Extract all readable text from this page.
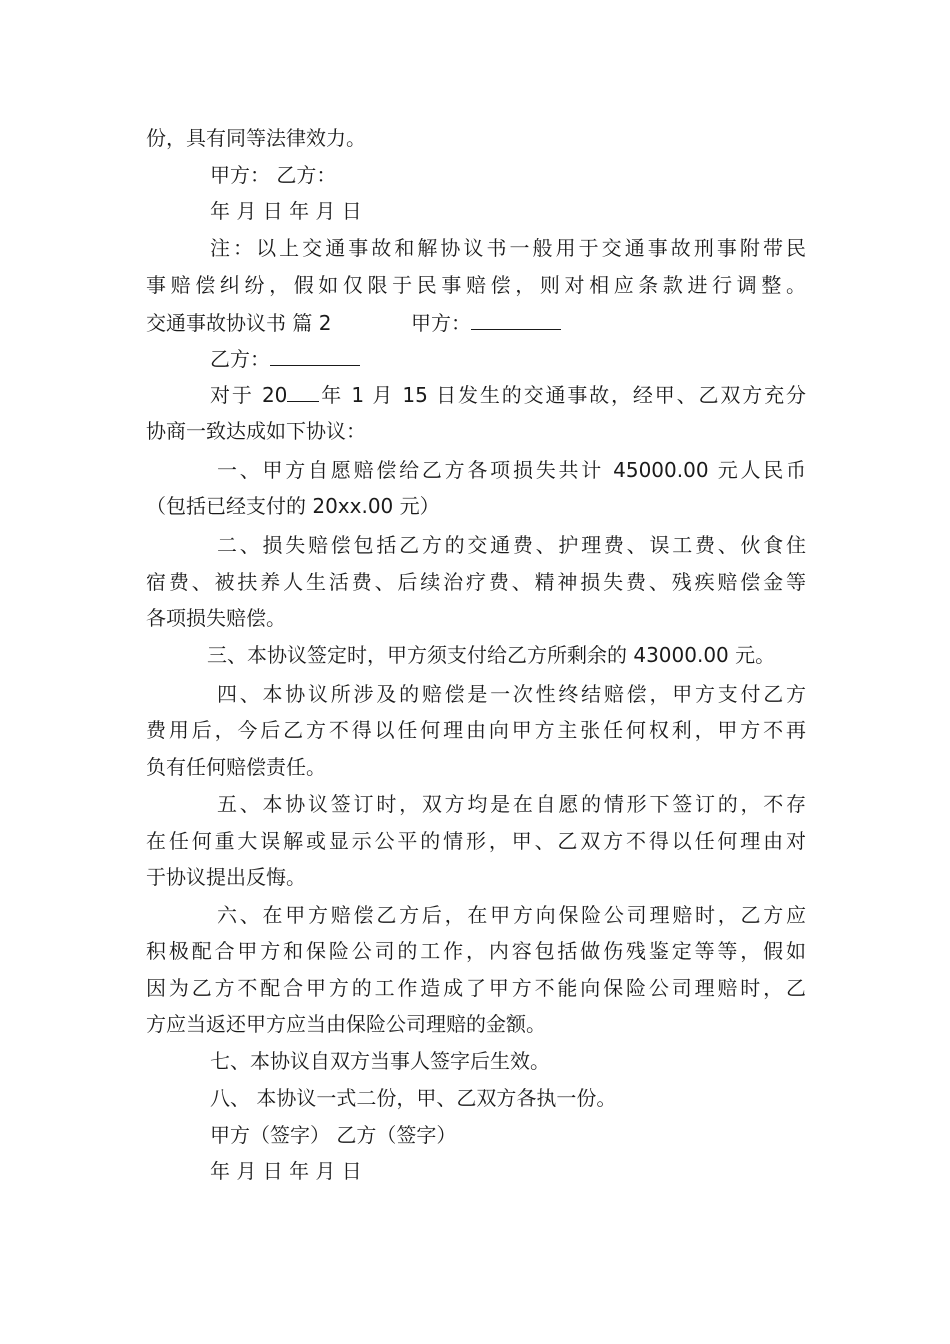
份，具有同等法律效力。
甲方： 乙方：
年 月 日 年 月 日
注：以上交通事故和解协议书一般用于交通事故刑事附带民
事赔偿纠纷，假如仅限于民事赔偿，则对相应条款进行调整。
交通事故协议书 篇 2	甲方：
乙方：
对于 20 年 1 月 15 日发生的交通事故，经甲、乙双方充分
协商一致达成如下协议：
一、甲方自愿赔偿给乙方各项损失共计 45000.00 元人民币
（包括已经支付的 20xx.00 元）
二、损失赔偿包括乙方的交通费、护理费、误工费、伙食住
宿费、被扶养人生活费、后续治疗费、精神损失费、残疾赔偿金等
各项损失赔偿。
三、本协议签定时，甲方须支付给乙方所剩余的 43000.00 元。
四、本协议所涉及的赔偿是一次性终结赔偿，甲方支付乙方
费用后，今后乙方不得以任何理由向甲方主张任何权利，甲方不再
负有任何赔偿责任。
五、本协议签订时，双方均是在自愿的情形下签订的，不存
在任何重大误解或显示公平的情形，甲、乙双方不得以任何理由对
于协议提出反悔。
六、在甲方赔偿乙方后，在甲方向保险公司理赔时，乙方应
积极配合甲方和保险公司的工作，内容包括做伤残鉴定等等，假如
因为乙方不配合甲方的工作造成了甲方不能向保险公司理赔时，乙
方应当返还甲方应当由保险公司理赔的金额。
七、本协议自双方当事人签字后生效。
八、 本协议一式二份，甲、乙双方各执一份。
甲方（签字） 乙方（签字）
年 月 日 年 月 日
